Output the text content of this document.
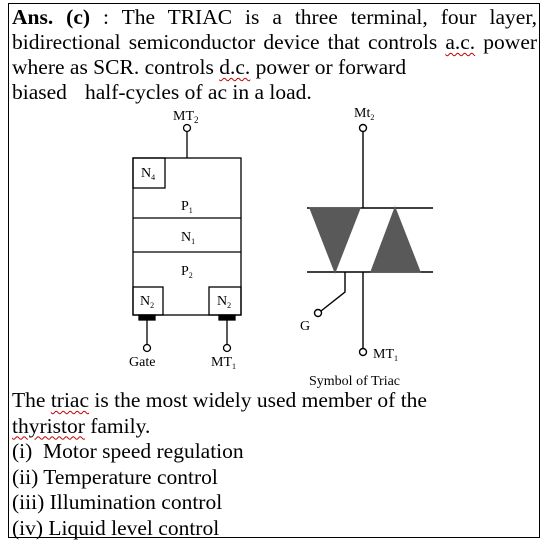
Ans. (c) : The TRIAC is a three terminal, four layer, bidirectional semiconductor device that controls a.c. power where as SCR. controls d.c. power or forward
biased half-cycles of ac in a load.

$MT_2$
$N_4$
$P_1$
$N_1$
$P_2$
$N_2$	$N_2$
Gate	$MT_1$
$Mt_2$
G
$MT_1$
Symbol of Triac
The triac is the most widely used member of the
thyristor family.
(i)  Motor speed regulation
(ii) Temperature control
(iii) Illumination control
(iv) Liquid level control
